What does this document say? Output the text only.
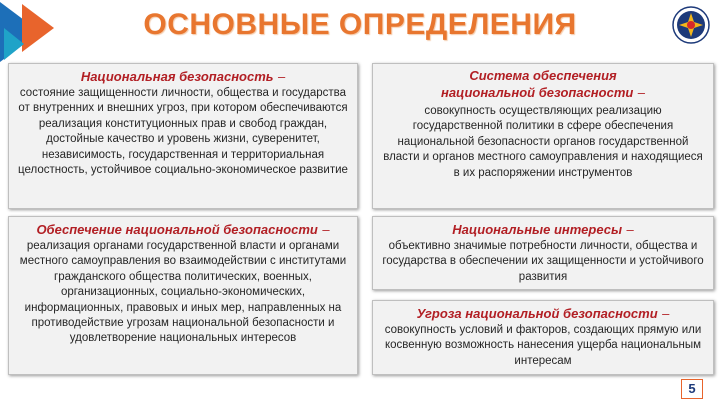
ОСНОВНЫЕ ОПРЕДЕЛЕНИЯ
Национальная безопасность –
состояние защищенности личности, общества и государства от внутренних и внешних угроз, при котором обеспечиваются реализация конституционных прав и свобод граждан, достойные качество и уровень жизни, суверенитет, независимость, государственная и территориальная целостность, устойчивое социально-экономическое развитие
Система обеспечения
национальной безопасности –
совокупность осуществляющих реализацию государственной политики в сфере обеспечения национальной безопасности органов государственной власти и органов местного самоуправления и находящиеся в их распоряжении инструментов
Обеспечение национальной безопасности –
реализация органами государственной власти и органами местного самоуправления во взаимодействии с институтами гражданского общества политических, военных, организационных, социально-экономических, информационных, правовых и иных мер, направленных на противодействие угрозам национальной безопасности и удовлетворение национальных интересов
Национальные интересы –
объективно значимые потребности личности, общества и государства в обеспечении их защищенности и устойчивого развития
Угроза национальной безопасности –
совокупность условий и факторов, создающих прямую или косвенную возможность нанесения ущерба национальным интересам
5
